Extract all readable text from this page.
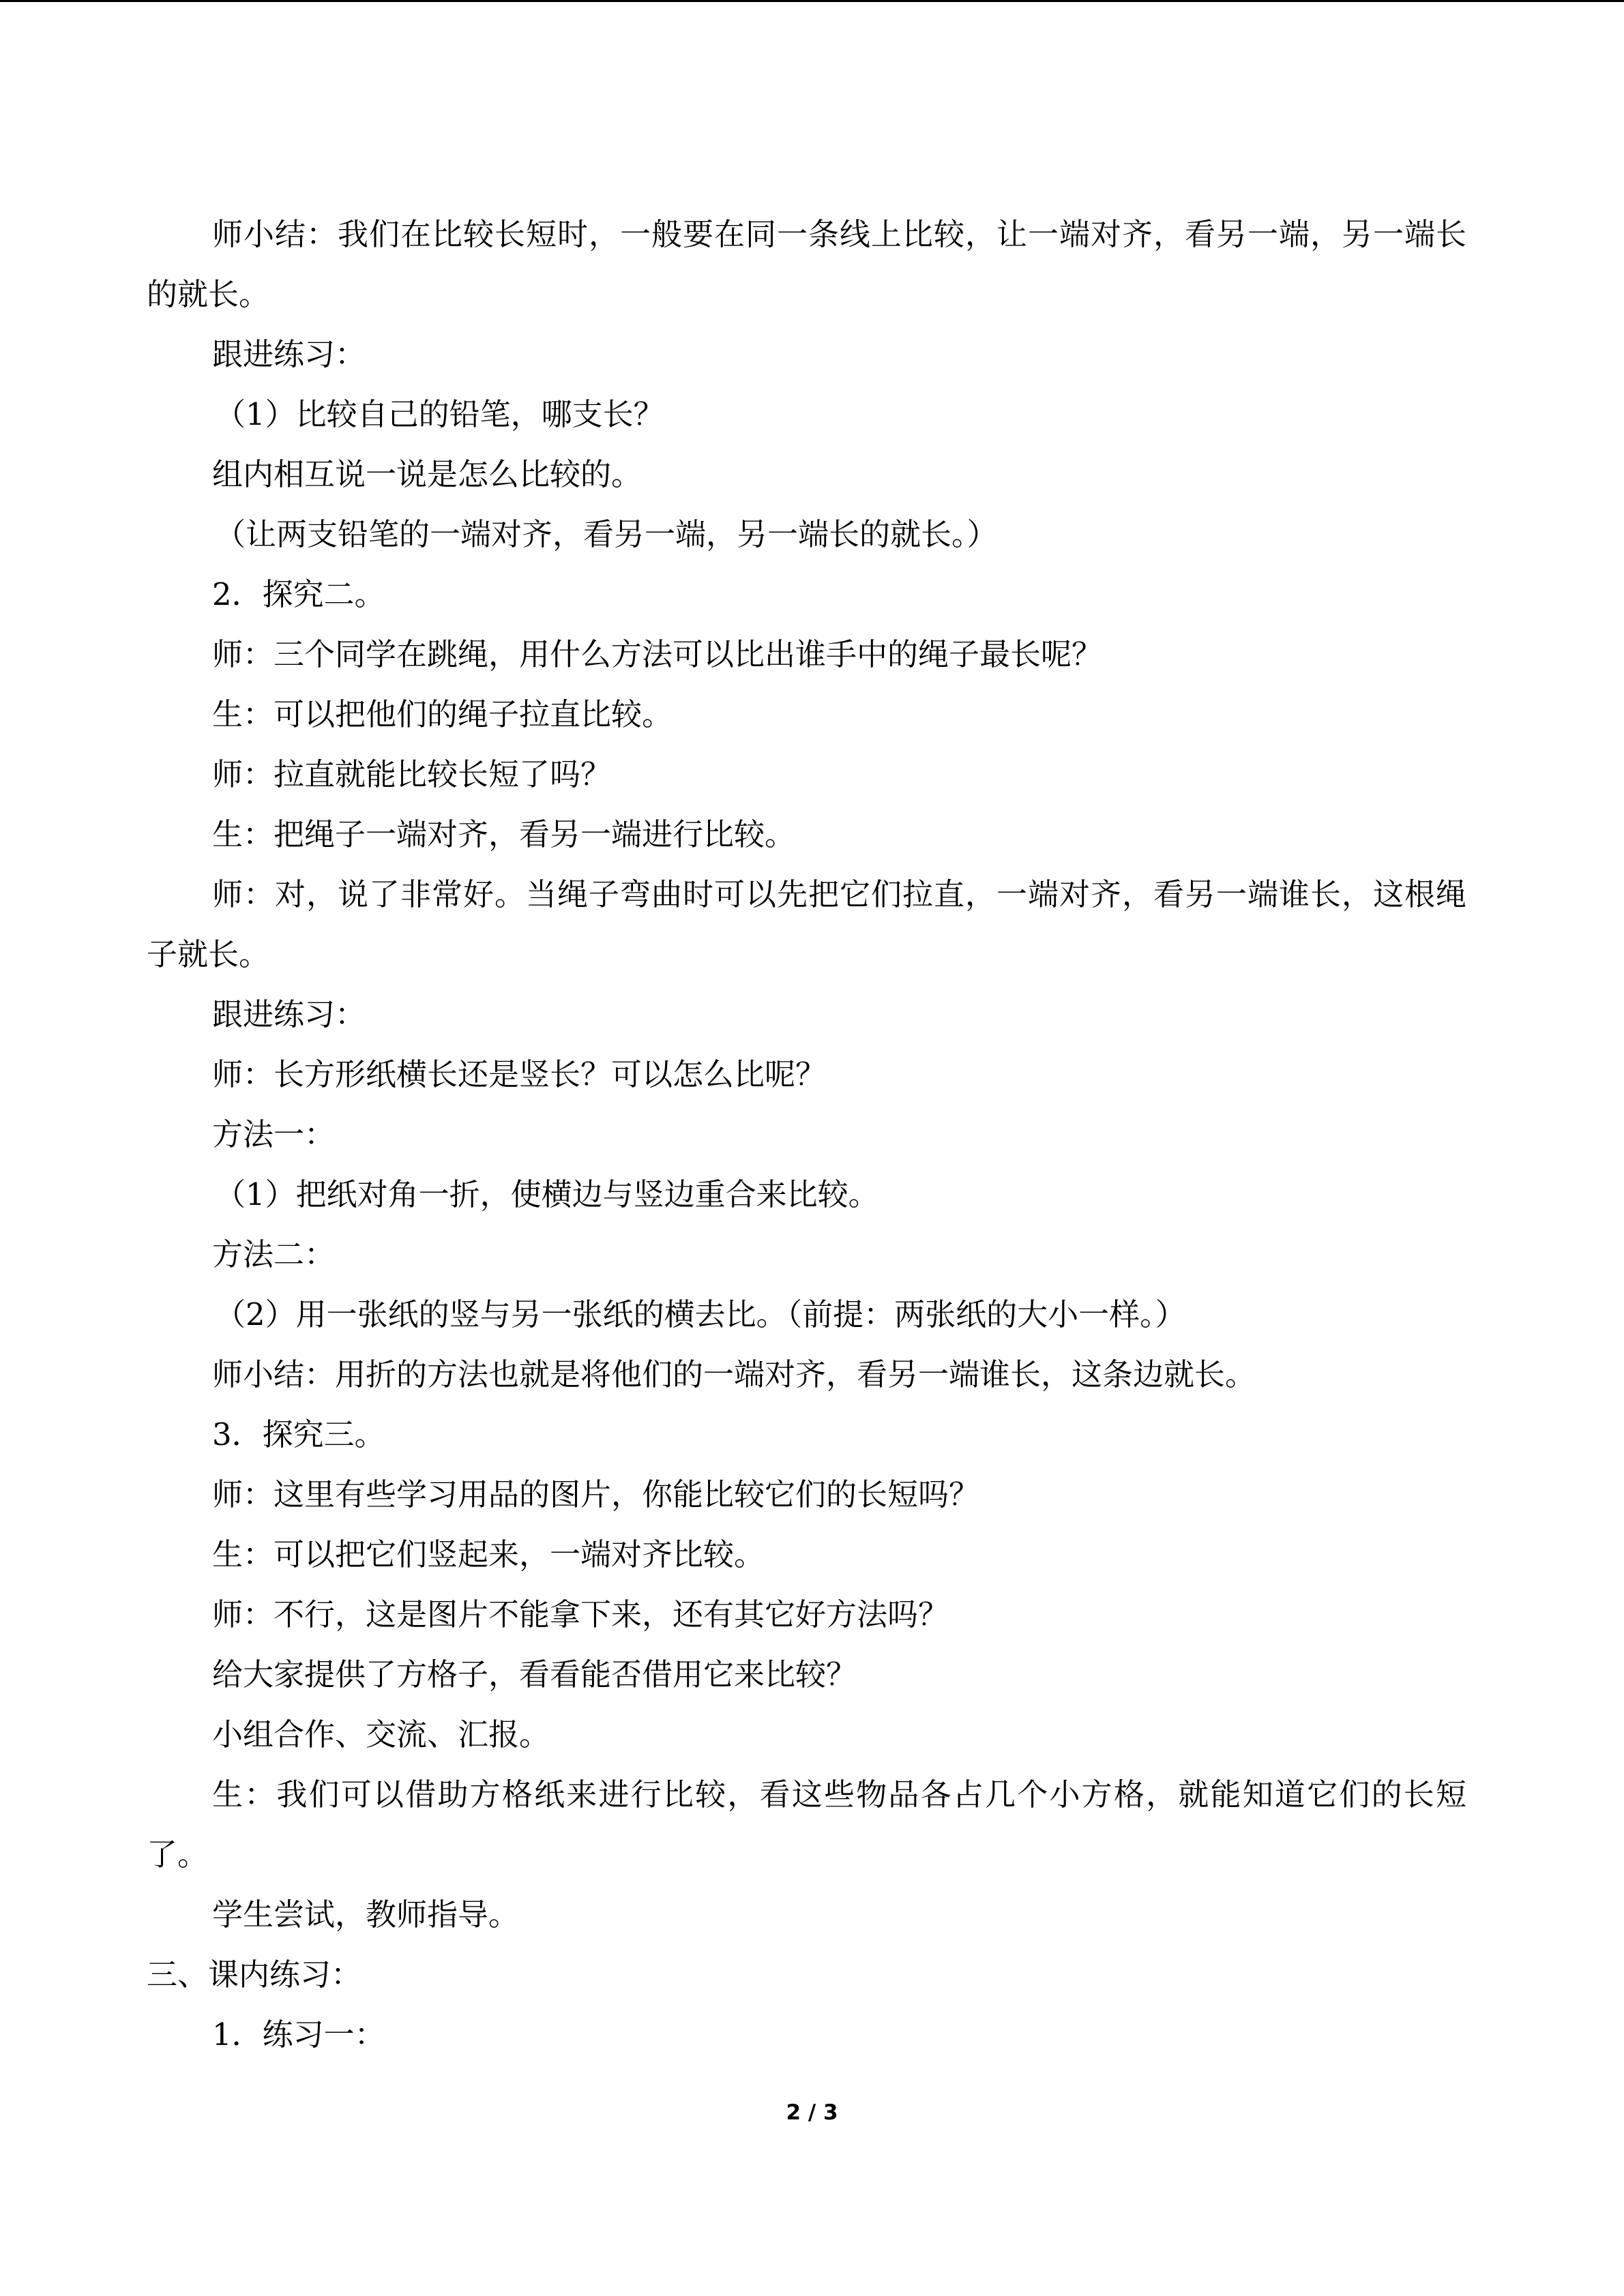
师小结：我们在比较长短时，一般要在同一条线上比较，让一端对齐，看另一端，另一端长的就长。

跟进练习：

（1）比较自己的铅笔，哪支长？

组内相互说一说是怎么比较的。

（让两支铅笔的一端对齐，看另一端，另一端长的就长。）

2．探究二。

师：三个同学在跳绳，用什么方法可以比出谁手中的绳子最长呢？

生：可以把他们的绳子拉直比较。

师：拉直就能比较长短了吗？

生：把绳子一端对齐，看另一端进行比较。

师：对，说了非常好。当绳子弯曲时可以先把它们拉直，一端对齐，看另一端谁长，这根绳子就长。

跟进练习：

师：长方形纸横长还是竖长？可以怎么比呢？

方法一：

（1）把纸对角一折，使横边与竖边重合来比较。

方法二：

（2）用一张纸的竖与另一张纸的横去比。（前提：两张纸的大小一样。）

师小结：用折的方法也就是将他们的一端对齐，看另一端谁长，这条边就长。

3．探究三。

师：这里有些学习用品的图片，你能比较它们的长短吗？

生：可以把它们竖起来，一端对齐比较。

师：不行，这是图片不能拿下来，还有其它好方法吗？

给大家提供了方格子，看看能否借用它来比较？

小组合作、交流、汇报。

生：我们可以借助方格纸来进行比较，看这些物品各占几个小方格，就能知道它们的长短了。

学生尝试，教师指导。

三、课内练习：

1．练习一：

2 / 3
